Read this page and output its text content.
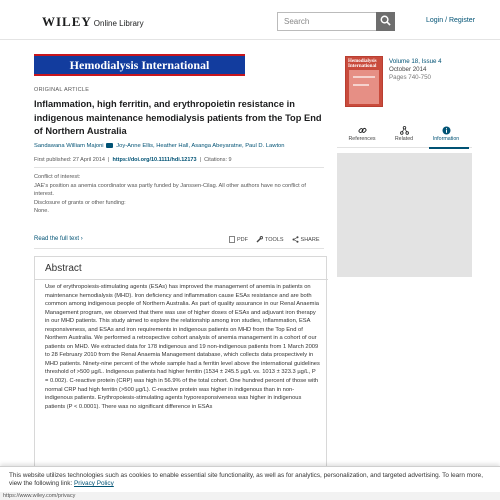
WILEY Online Library	Search	Login / Register
Hemodialysis International
ORIGINAL ARTICLE
Inflammation, high ferritin, and erythropoietin resistance in indigenous maintenance hemodialysis patients from the Top End of Northern Australia
Sandawana William Majoni Joy-Anne Ellis, Heather Hall, Asanga Abeyaratne, Paul D. Lawton
First published: 27 April 2014  |  https://doi.org/10.1111/hdi.12173  |  Citations: 9
Conflict of interest:
JAE's position as anemia coordinator was partly funded by Janssen-Cilag. All other authors have no conflict of interest.
Disclosure of grants or other funding:
None.
Read the full text ›	PDF	TOOLS	SHARE
Abstract

Use of erythropoiesis-stimulating agents (ESAs) has improved the management of anemia in patients on maintenance hemodialysis (MHD). Iron deficiency and inflammation cause ESAs resistance and are both common among indigenous people of Northern Australia. As part of quality assurance in our Renal Anaemia Management program, we observed that there was use of higher doses of ESAs and adjuvant iron therapy in our MHD patients. This study aimed to explore the relationship among iron studies, inflammation, ESA responsiveness, and ESAs and iron requirements in indigenous patients on MHD from the Top End of Northern Australia. We performed a retrospective cohort analysis of anemia management in a cohort of our patients on MHD. We extracted data for 178 indigenous and 19 non-indigenous patients from 1 March 2009 to 28 February 2010 from the Renal Anaemia Management database, which collects data prospectively in MHD patients. Ninety-nine percent of the whole sample had a ferritin level above the international guidelines threshold of >500 µg/L. Indigenous patients had higher ferritin (1534 ± 245.5 µg/L vs. 1013 ± 323.3 µg/L, P = 0.002). C-reactive protein (CRP) was high in 56.9% of the total cohort. One hundred percent of those with normal CRP had high ferritin (>500 µg/L). C-reactive protein was higher in indigenous than in non-indigenous patients. Erythropoiesis-stimulating agents hyporesponsiveness was higher in indigenous patients (P < 0.0001). There was no significant difference in ESAs

Hemodialysis International
Volume 18, Issue 4
October 2014
Pages 740-750
References	Related	Information

This website utilizes technologies such as cookies to enable essential site functionality, as well as for analytics, personalization, and targeted advertising. To learn more, view the following link: Privacy Policy

https://www.wiley.com/privacy
